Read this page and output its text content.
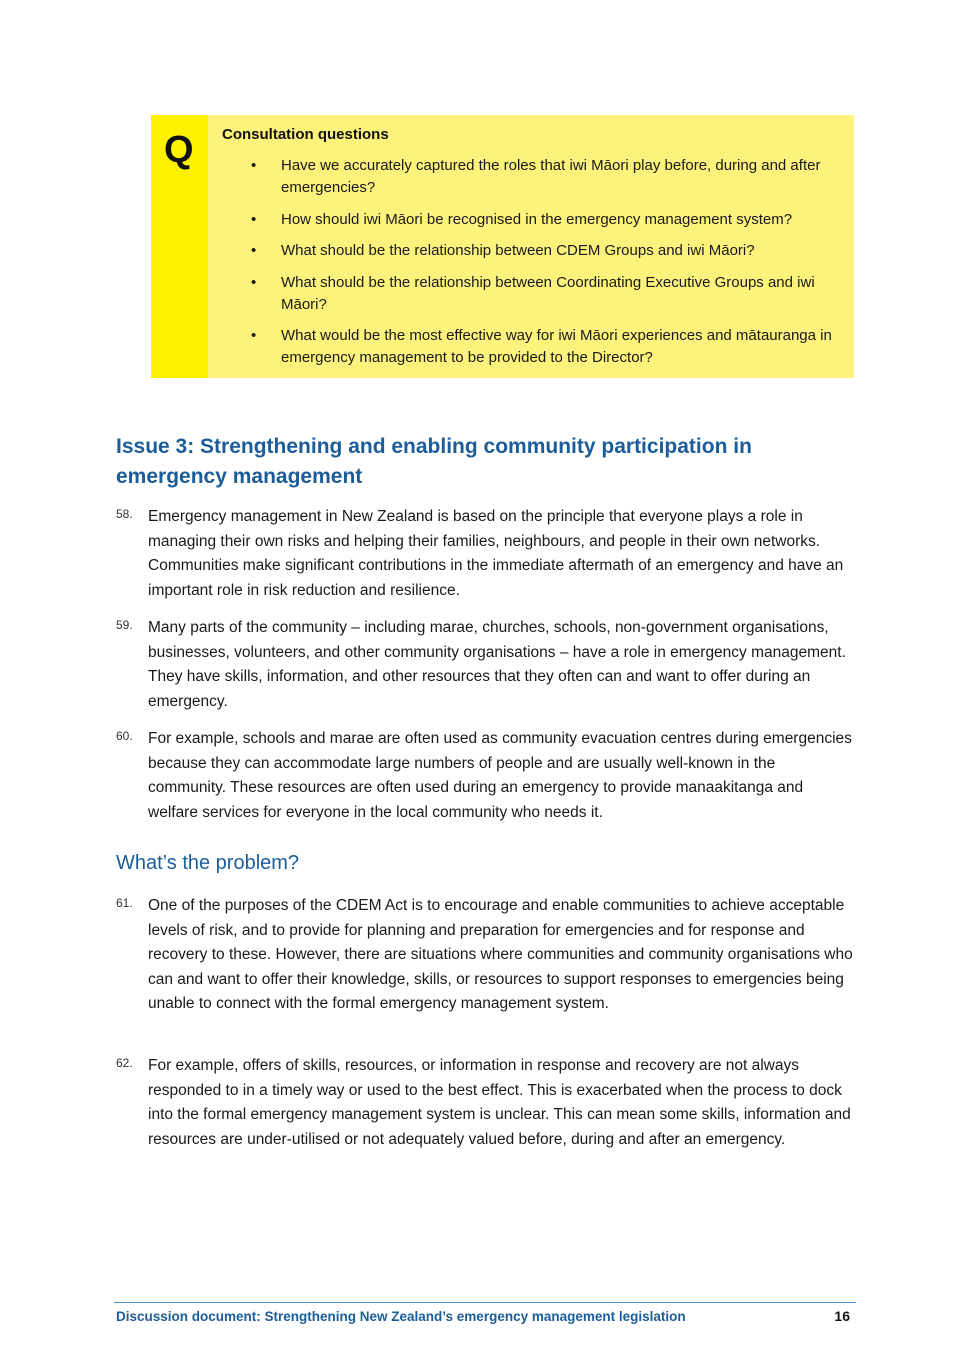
Q Consultation questions
• Have we accurately captured the roles that iwi Māori play before, during and after emergencies?
• How should iwi Māori be recognised in the emergency management system?
• What should be the relationship between CDEM Groups and iwi Māori?
• What should be the relationship between Coordinating Executive Groups and iwi Māori?
• What would be the most effective way for iwi Māori experiences and mātauranga in emergency management to be provided to the Director?
Issue 3: Strengthening and enabling community participation in emergency management
58. Emergency management in New Zealand is based on the principle that everyone plays a role in managing their own risks and helping their families, neighbours, and people in their own networks. Communities make significant contributions in the immediate aftermath of an emergency and have an important role in risk reduction and resilience.
59. Many parts of the community – including marae, churches, schools, non-government organisations, businesses, volunteers, and other community organisations – have a role in emergency management. They have skills, information, and other resources that they often can and want to offer during an emergency.
60. For example, schools and marae are often used as community evacuation centres during emergencies because they can accommodate large numbers of people and are usually well-known in the community. These resources are often used during an emergency to provide manaakitanga and welfare services for everyone in the local community who needs it.
What’s the problem?
61. One of the purposes of the CDEM Act is to encourage and enable communities to achieve acceptable levels of risk, and to provide for planning and preparation for emergencies and for response and recovery to these. However, there are situations where communities and community organisations who can and want to offer their knowledge, skills, or resources to support responses to emergencies being unable to connect with the formal emergency management system.
62. For example, offers of skills, resources, or information in response and recovery are not always responded to in a timely way or used to the best effect. This is exacerbated when the process to dock into the formal emergency management system is unclear. This can mean some skills, information and resources are under-utilised or not adequately valued before, during and after an emergency.
Discussion document: Strengthening New Zealand’s emergency management legislation	16
